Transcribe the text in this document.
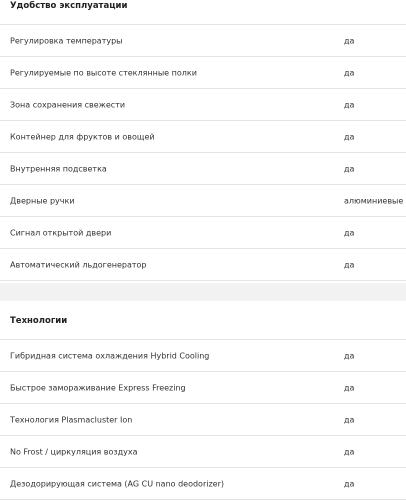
Удобство эксплуатации
Регулировка температуры	да
Регулируемые по высоте стеклянные полки	да
Зона сохранения свежести	да
Контейнер для фруктов и овощей	да
Внутренняя подсветка	да
Дверные ручки	алюминиевые
Сигнал открытой двери	да
Автоматический льдогенератор	да
Технологии
Гибридная система охлаждения Hybrid Cooling	да
Быстрое замораживание Express Freezing	да
Технология Plasmacluster Ion	да
No Frost / циркуляция воздуха	да
Дезодорирующая система (AG CU nano deodorizer)	да
